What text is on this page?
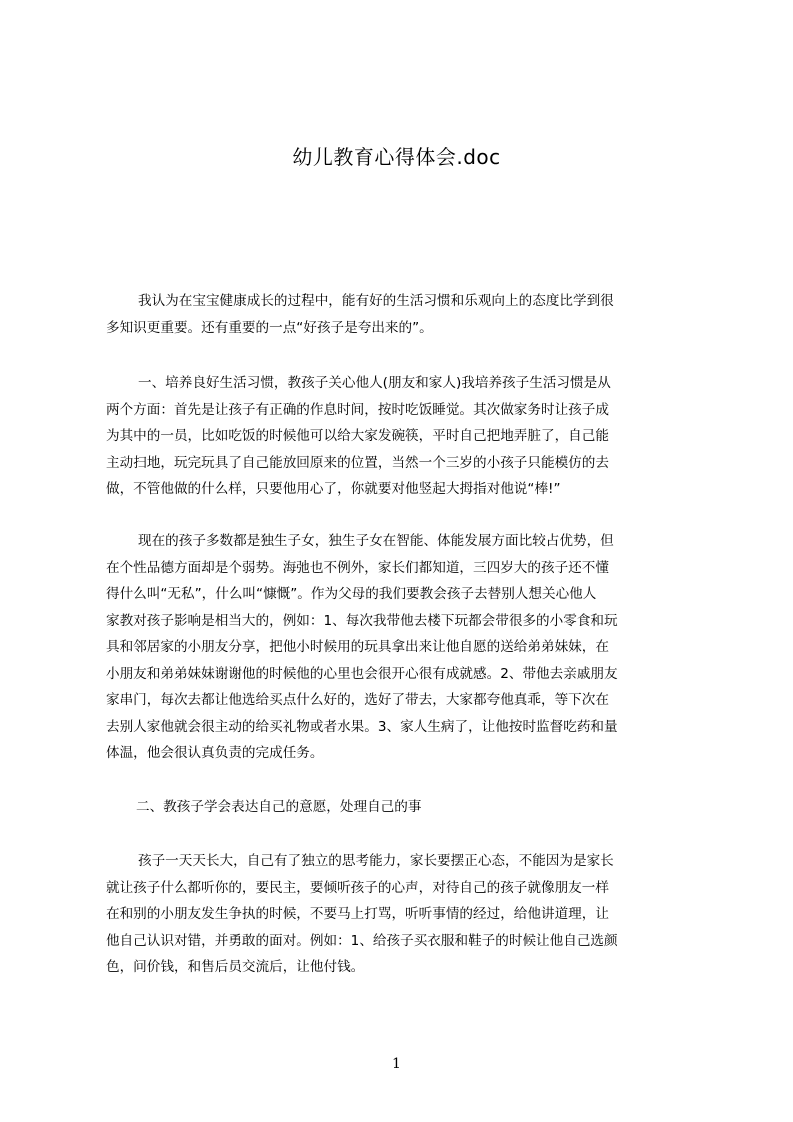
幼儿教育心得体会.doc
我认为在宝宝健康成长的过程中，能有好的生活习惯和乐观向上的态度比学到很
多知识更重要。还有重要的一点“好孩子是夸出来的”。
一、培养良好生活习惯，教孩子关心他人(朋友和家人)我培养孩子生活习惯是从
两个方面：首先是让孩子有正确的作息时间，按时吃饭睡觉。其次做家务时让孩子成
为其中的一员，比如吃饭的时候他可以给大家发碗筷，平时自己把地弄脏了，自己能
主动扫地，玩完玩具了自己能放回原来的位置，当然一个三岁的小孩子只能模仿的去
做，不管他做的什么样，只要他用心了，你就要对他竖起大拇指对他说“棒!”
现在的孩子多数都是独生子女，独生子女在智能、体能发展方面比较占优势，但
在个性品德方面却是个弱势。海弛也不例外，家长们都知道，三四岁大的孩子还不懂
得什么叫“无私”，什么叫“慷慨”。作为父母的我们要教会孩子去替别人想关心他人
家教对孩子影响是相当大的，例如：1、每次我带他去楼下玩都会带很多的小零食和玩
具和邻居家的小朋友分享，把他小时候用的玩具拿出来让他自愿的送给弟弟妹妹，在
小朋友和弟弟妹妹谢谢他的时候他的心里也会很开心很有成就感。2、带他去亲戚朋友
家串门，每次去都让他选给买点什么好的，选好了带去，大家都夸他真乖，等下次在
去别人家他就会很主动的给买礼物或者水果。3、家人生病了，让他按时监督吃药和量
体温，他会很认真负责的完成任务。
二、教孩子学会表达自己的意愿，处理自己的事
孩子一天天长大，自己有了独立的思考能力，家长要摆正心态，不能因为是家长
就让孩子什么都听你的，要民主，要倾听孩子的心声，对待自己的孩子就像朋友一样
在和别的小朋友发生争执的时候，不要马上打骂，听听事情的经过，给他讲道理，让
他自己认识对错，并勇敢的面对。例如：1、给孩子买衣服和鞋子的时候让他自己选颜
色，问价钱，和售后员交流后，让他付钱。
1
